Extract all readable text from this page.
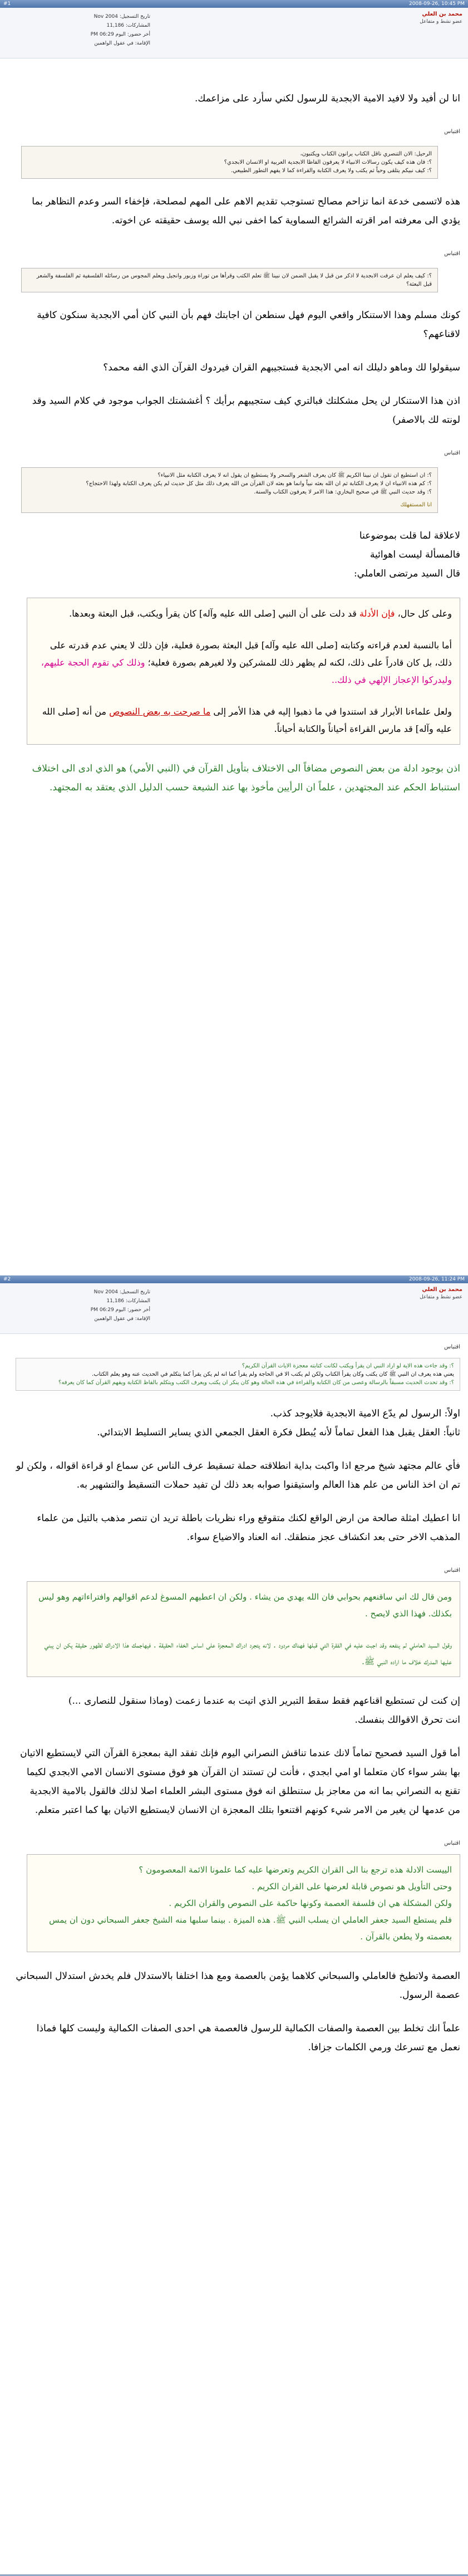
#1	2008-09-26, 10:45 PM
محمد بن العلي
عضو نشط و متفاعل
تاريخ التسجيل: Nov 2004
المشاركات: 11,186
أخر حضور: اليوم 06:29 PM
الإقامة: في عقول الواهمين
انا لن أفيد ولا لافيد الامية الابجدية للرسول لكني سأرد على مزاعمك.
اقتباس
الرحيل: الان التنصري ناقل الكتاب يرانون الكتاب ويكتبون،
؟: فان هذه كيف يكون رسالات الانبياء لا يعرفون الفاظا الابجدية العربية او الانسان الابجدي؟
؟: كيف نبيكم يتلقى وحياً ثم يكتب ولا يعرف الكتابة والقراءة كما لا يفهم التطور الطبيعي.
هذه لاتسمى خدعة انما تزاحم مصالح تستوجب تقديم الاهم على المهم لمصلحة، فإخفاء السر وعدم التظاهر بما يؤدي الى معرفته امر اقرته الشرائع السماوية كما اخفى نبي الله يوسف حقيقته عن اخوته.
اقتباس
؟: كيف يعلم ان عرفت الابجدية لا اذكر من قبل لا يقبل الضمن لان نبينا ﷺ تعلم الكتب وقرأها من توراة وزبور وانجيل ويعلم المجوس من رسائله الفلسفية ثم الفلسفة والشعر قبل البعثة؟
كونك مسلم وهذا الاستنكار واقعي اليوم فهل سنطعن ان اجابتك فهم بأن النبي كان أمي الابجدية سنكون كافية لاقناعهم؟
سيقولوا لك وماهو دليلك انه امي الابجدية فستجيبهم القران فيردوك القرآن الذي الفه محمد؟
اذن هذا الاستنكار لن يحل مشكلتك فبالتري كيف ستجيبهم برأيك ؟ أغششتك الجواب موجود في كلام السيد وقد لونته لك بالاصفر)
اقتباس
؟: ان استطيع ان تقول ان نبينا الكريم ﷺ كان يعرف الشعر والسحر ولا يستطيع ان يقول انه لا يعرف الكتابة مثل الانبياء؟
؟: كم هذه الانبياء ان لا يعرف الكتابة ثم ان الله بعثه نبياً وانما هو بعثه لان القرآن من الله يعرف ذلك مثل كل حديث لم يكن يعرف الكتابة ولهذا الاحتجاج؟
؟: وقد حديث النبي ﷺ في صحيح البخاري: هذا الامر لا يعرفون الكتاب والسنة.
انا المستفهلك
لاعلاقة لما قلت بموضوعنا
فالمسألة ليست اهوائية
قال السيد مرتضى العاملي:
وعلى كل حال، فإن الأدلة قد دلت على أن النبي [صلى الله عليه وآله] كان يقرأ ويكتب، قبل البعثة وبعدها.
أما بالنسبة لعدم قراءته وكتابته [صلى الله عليه وآله] قبل البعثة بصورة فعلية، فإن ذلك لا يعني عدم قدرته على ذلك، بل كان قادراً على ذلك، لكنه لم يظهر ذلك للمشركين ولا لغيرهم بصورة فعلية؛ وذلك كي تقوم الحجة عليهم، وليدركوا الإعجاز الإلهي في ذلك..
ولعل علماءنا الأبرار قد استندوا في ما ذهبوا إليه في هذا الأمر إلى ما صرحت به بعض النصوص من أنه [صلى الله عليه وآله] قد مارس القراءة أحياناً والكتابة أحياناً.
اذن بوجود ادلة من بعض النصوص مضافاً الى الاختلاف بتأويل القرآن في (النبي الأمي) هو الذي ادى الى اختلاف استنباط الحكم عند المجتهدين ، علماً ان الرأيين مأخوذ بها عند الشيعة حسب الدليل الذي يعتقد به المجتهد.
#2	2008-09-26, 11:24 PM
محمد بن العلي
عضو نشط و متفاعل
تاريخ التسجيل: Nov 2004
المشاركات: 11,186
أخر حضور: اليوم 06:29 PM
الإقامة: في عقول الواهمين
اقتباس
؟: وقد جاءت هذه الاية لو اراد النبي ان يقرأ ويكتب لكانت كتابته معجزة الايات القرآن الكريم؟
يعني هذه يعرف ان النبي ﷺ كان يكتب وكان يقرأ الكتاب ولكن لم يكتب الا في الحاجة ولم يقرأ كما انه لم يكن يقرأ كما يتكلم في الحديث عنه وهو يعلم الكتاب.
؟: وقد تحدث الحديث مسبقاً بالرسالة وعصى من كان الكتابة والقراءة في هذه الحالة وهو كان ينكر ان يكتب ويعرف الكتب ويتكلم بالفاظ الكتابة ويفهم القرآن كما كان يعرفه؟
اولاً: الرسول لم يدّع الامية الابجدية فلايوجد كذب.
ثانياً: العقل يقبل هذا الفعل تماماً لأنه يُبطل فكرة العقل الجمعي الذي يساير التسليط الابتدائي.
فأي عالم مجتهد شيخ مرجع اذا واكبت بداية انطلاقته حملة تسقيط عرف الناس عن سماع او قراءة اقواله ، ولكن لو تم ان اخذ الناس من علم هذا العالم واستيقنوا صوابه بعد ذلك لن تفيد حملات التسقيط والتشهير به.
انا اعطيك امثلة صالحة من ارض الواقع لكنك متقوقع وراء نظريات باطلة تريد ان تنصر مذهب بالتيل من علماء المذهب الاخر حتى بعد انكشاف عجز منطقك. انه العناد والاضياع سواء.
اقتباس
ومن قال لك اني ساقنعهم بحوابي فان الله يهدي من يشاء . ولكن ان اعطيهم المسوغ لدعم اقوالهم وافتراءاتهم وهو ليس بكذلك. فهذا الذي لايصح .
وقول السيد العاملي لم ينفعه وقد اجبت عليه في الفقرة التي قبلها فهناك مردود . لانه يتجرد ادراك المعجزة على اساس الخفاء الحقيقة . فيهاجمك هذا الادراك لظهور حقيقة يكن ان يبني عليها المدرك خلاف ما اراده النبي ﷺ.
إن كنت لن تستطيع اقناعهم فقط سقط التبرير الذي اتيت به عندما زعمت (وماذا سنقول للنصارى ...)
انت تحرق الاقوالك بنفسك.
أما قول السيد فصحيح تماماً لانك عندما تناقش النصراني اليوم فإنك تفقد الية بمعجزة القرآن التي لايستطيع الاتيان بها بشر سواء كان متعلما او امي ابجدي ، فأنت لن تستند ان القرآن هو فوق مستوى الانسان الامي الابجدي لكيما تقنع به النصراني بما انه من معاجز بل ستنطلق انه فوق مستوى البشر العلماء اصلا لذلك فالقول بالامية الابجدية من عدمها لن يغير من الامر شيء كونهم اقتنعوا بتلك المعجزة ان الانسان لايستطيع الاتيان بها كما اعتبر متعلم.
اقتباس
الييست الادلة هذه ترجع بنا الى القران الكريم وتعرضها عليه كما علمونا الائمة المعصومون ؟
وحتى التأويل هو نصوص قابلة لعرضها على القران الكريم .
ولكن المشكلة هي ان فلسفة العصمة وكونها حاكمة على النصوص والقران الكريم .
فلم يستطع السيد جعفر العاملي ان يسلب النبي ﷺ. هذه الميزة . بينما سلبها منه الشيخ جعفر السبحاني دون ان يمس بعصمته ولا يطعن بالقرآن .
العصمة ولاتطيخ فالعاملي والسبحاني كلاهما يؤمن بالعصمة ومع هذا اختلفا بالاستدلال فلم يخدش استدلال السبحاني عصمة الرسول.
علماً انك تخلط بين العصمة والصفات الكمالية للرسول فالعصمة هي احدى الصفات الكمالية وليست كلها فماذا نعمل مع تسرعك ورمي الكلمات جزافا.
